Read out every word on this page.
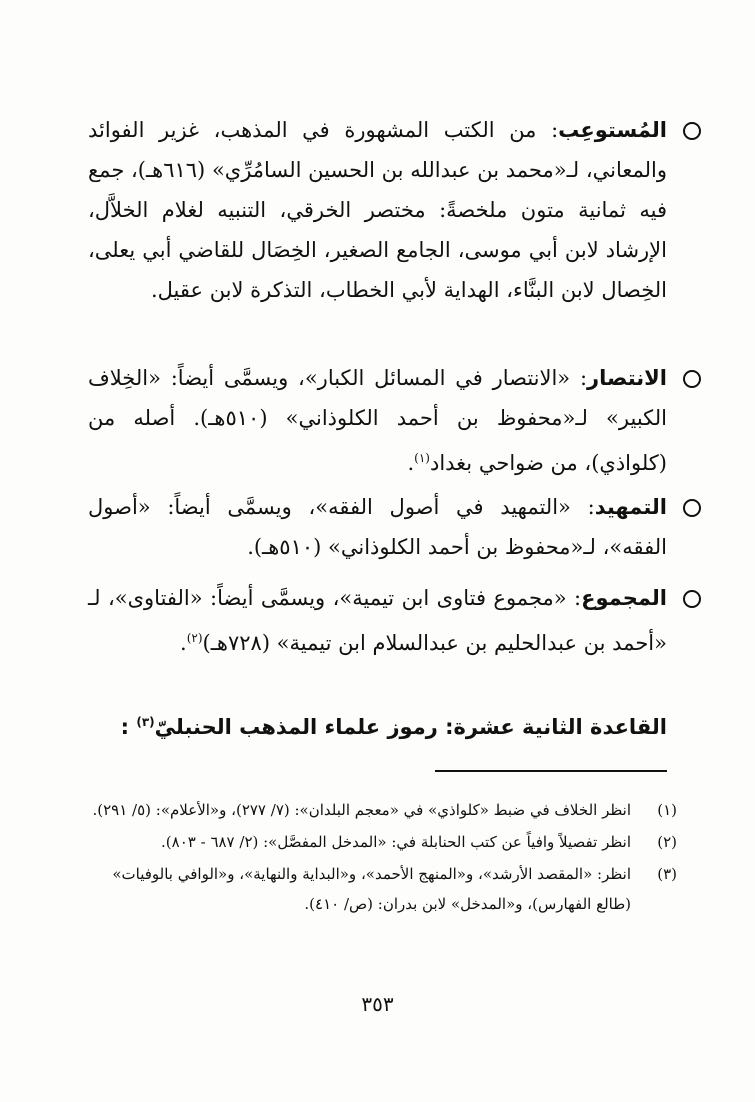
المُستوعِب: من الكتب المشهورة في المذهب، غزير الفوائد والمعاني، لـ«محمد بن عبدالله بن الحسين السامُرِّي» (٦١٦هـ)، جمع فيه ثمانية متون ملخصةً: مختصر الخرقي، التنبيه لغلام الخلاَّل، الإرشاد لابن أبي موسى، الجامع الصغير، الخِصَال للقاضي أبي يعلى، الخِصال لابن البنَّاء، الهداية لأبي الخطاب، التذكرة لابن عقيل.

الانتصار: «الانتصار في المسائل الكبار»، ويسمَّى أيضاً: «الخِلاف الكبير» لـ«محفوظ بن أحمد الكلوذاني» (٥١٠هـ). أصله من (كلواذي)، من ضواحي بغداد$^{(١)}$.

التمهيد: «التمهيد في أصول الفقه»، ويسمَّى أيضاً: «أصول الفقه»، لـ«محفوظ بن أحمد الكلوذاني» (٥١٠هـ).

المجموع: «مجموع فتاوى ابن تيمية»، ويسمَّى أيضاً: «الفتاوى»، لـ «أحمد بن عبدالحليم بن عبدالسلام ابن تيمية» (٧٢٨هـ)$^{(٢)}$.

القاعدة الثانية عشرة: رموز علماء المذهب الحنبليّ$^{(٣)}$ :
(١)
انظر الخلاف في ضبط «كلواذي» في «معجم البلدان»: (٧/ ٢٧٧)، و«الأعلام»: (٥/ ٢٩١).
(٢)
انظر تفصيلاً وافياً عن كتب الحنابلة في: «المدخل المفصَّل»: (٢/ ٦٨٧ - ٨٠٣).
(٣)
انظر: «المقصد الأرشد»، و«المنهج الأحمد»، و«البداية والنهاية»، و«الوافي بالوفيات» (طالع الفهارس)، و«المدخل» لابن بدران: (ص/ ٤١٠).
٣٥٣
